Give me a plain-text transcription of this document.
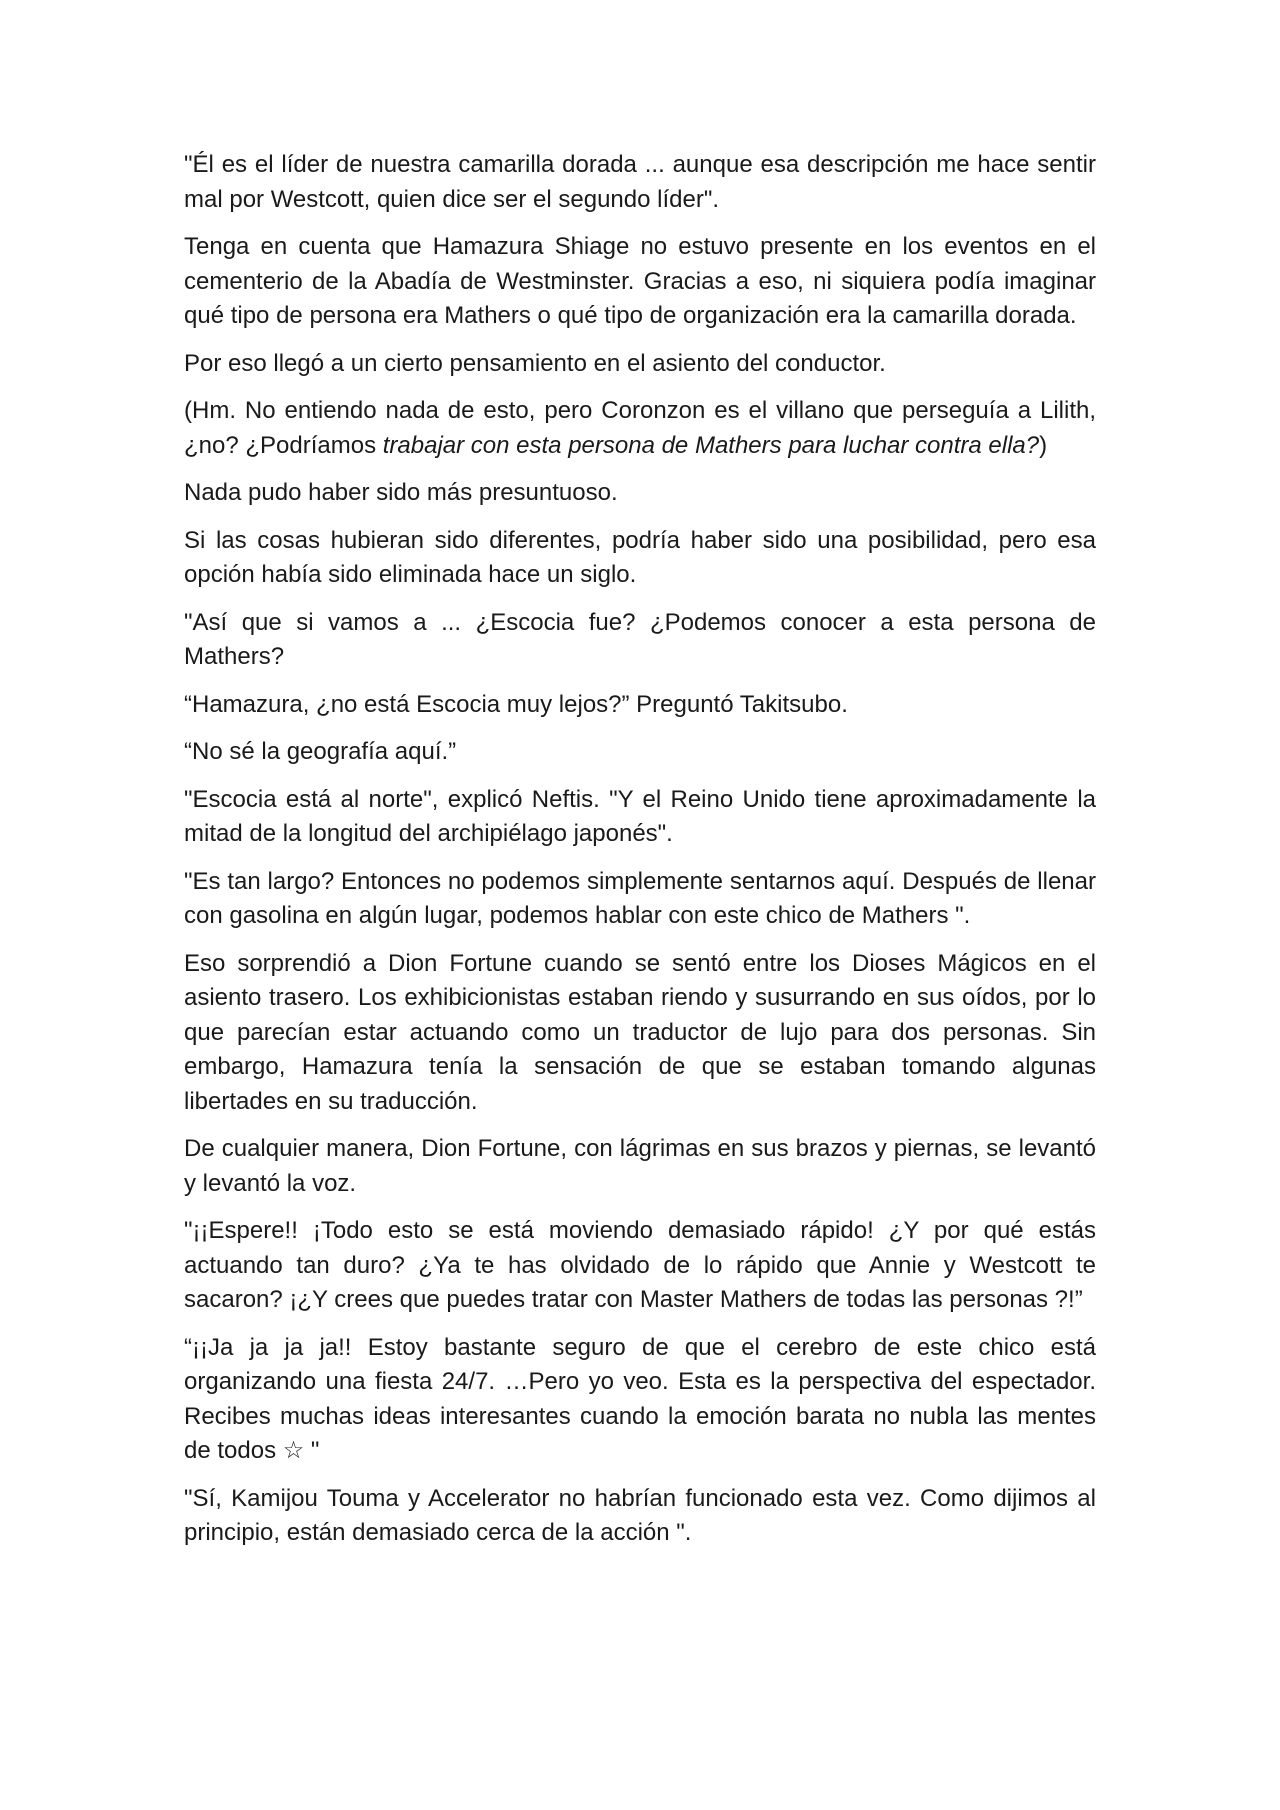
"Él es el líder de nuestra camarilla dorada ... aunque esa descripción me hace sentir mal por Westcott, quien dice ser el segundo líder".

Tenga en cuenta que Hamazura Shiage no estuvo presente en los eventos en el cementerio de la Abadía de Westminster. Gracias a eso, ni siquiera podía imaginar qué tipo de persona era Mathers o qué tipo de organización era la camarilla dorada.

Por eso llegó a un cierto pensamiento en el asiento del conductor.

(Hm. No entiendo nada de esto, pero Coronzon es el villano que perseguía a Lilith, ¿no? ¿Podríamos trabajar con esta persona de Mathers para luchar contra ella?)

Nada pudo haber sido más presuntuoso.

Si las cosas hubieran sido diferentes, podría haber sido una posibilidad, pero esa opción había sido eliminada hace un siglo.

"Así que si vamos a ... ¿Escocia fue? ¿Podemos conocer a esta persona de Mathers?

“Hamazura, ¿no está Escocia muy lejos?” Preguntó Takitsubo.

“No sé la geografía aquí.”

"Escocia está al norte", explicó Neftis. "Y el Reino Unido tiene aproximadamente la mitad de la longitud del archipiélago japonés".

"Es tan largo? Entonces no podemos simplemente sentarnos aquí. Después de llenar con gasolina en algún lugar, podemos hablar con este chico de Mathers ".

Eso sorprendió a Dion Fortune cuando se sentó entre los Dioses Mágicos en el asiento trasero. Los exhibicionistas estaban riendo y susurrando en sus oídos, por lo que parecían estar actuando como un traductor de lujo para dos personas. Sin embargo, Hamazura tenía la sensación de que se estaban tomando algunas libertades en su traducción.

De cualquier manera, Dion Fortune, con lágrimas en sus brazos y piernas, se levantó y levantó la voz.

"¡¡Espere!! ¡Todo esto se está moviendo demasiado rápido! ¿Y por qué estás actuando tan duro? ¿Ya te has olvidado de lo rápido que Annie y Westcott te sacaron? ¡¿Y crees que puedes tratar con Master Mathers de todas las personas ?!”

“¡¡Ja ja ja ja!! Estoy bastante seguro de que el cerebro de este chico está organizando una fiesta 24/7. …Pero yo veo. Esta es la perspectiva del espectador. Recibes muchas ideas interesantes cuando la emoción barata no nubla las mentes de todos ☆ "

"Sí, Kamijou Touma y Accelerator no habrían funcionado esta vez. Como dijimos al principio, están demasiado cerca de la acción ".
